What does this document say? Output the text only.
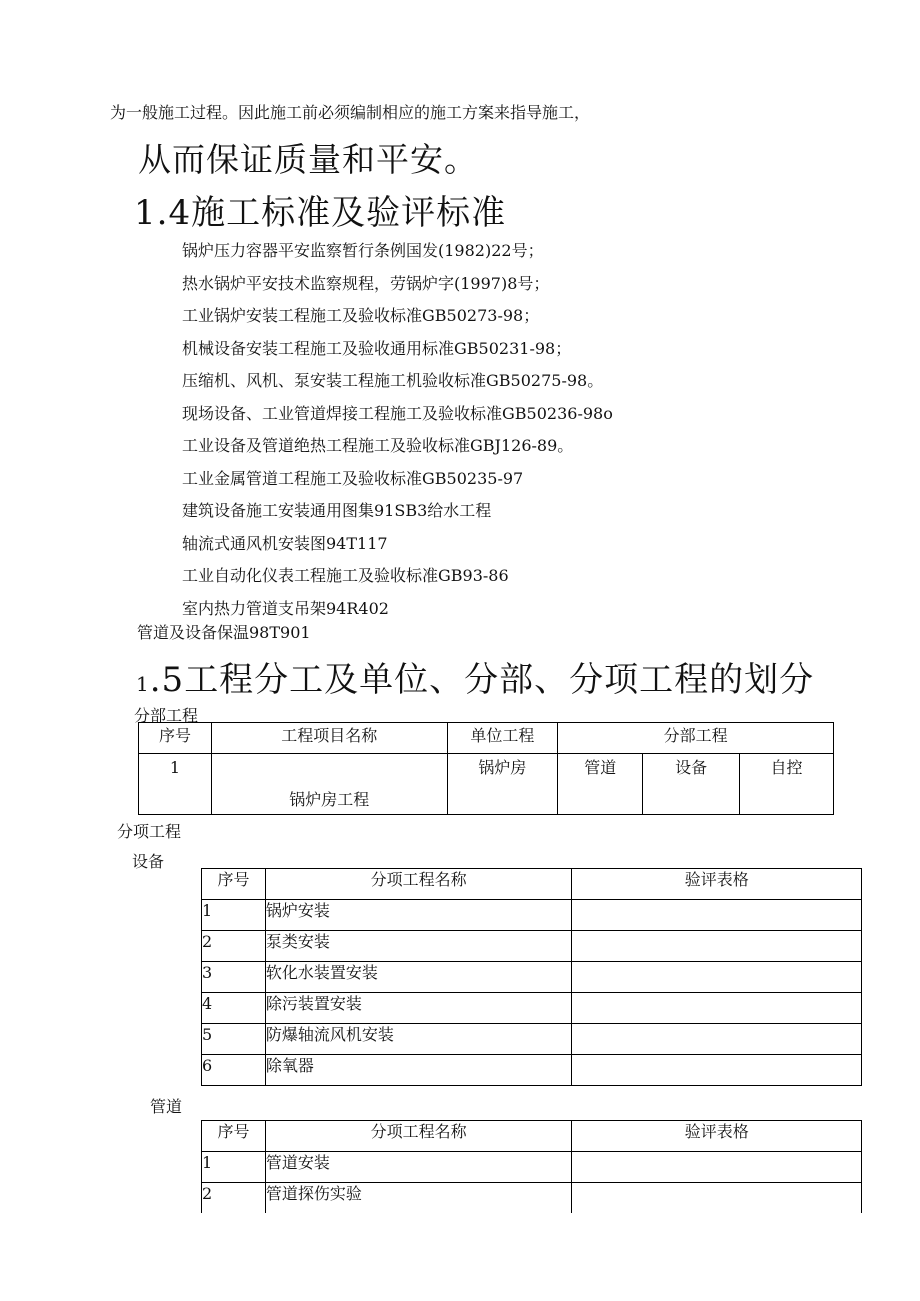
为一般施工过程。因此施工前必须编制相应的施工方案来指导施工，
从而保证质量和平安。
1.4施工标准及验评标准
锅炉压力容器平安监察暂行条例国发(1982)22号；
热水锅炉平安技术监察规程，劳锅炉字(1997)8号；
工业锅炉安装工程施工及验收标准GB50273-98；
机械设备安装工程施工及验收通用标准GB50231-98；
压缩机、风机、泵安装工程施工机验收标准GB50275-98。
现场设备、工业管道焊接工程施工及验收标准GB50236-98o
工业设备及管道绝热工程施工及验收标准GBJ126-89。
工业金属管道工程施工及验收标准GB50235-97
建筑设备施工安装通用图集91SB3给水工程
轴流式通风机安装图94T117
工业自动化仪表工程施工及验收标准GB93-86
室内热力管道支吊架94R402
管道及设备保温98T901
1.5工程分工及单位、分部、分项工程的划分
分部工程
序号	工程项目名称	单位工程	分部工程		
1	锅炉房工程	锅炉房	管道	设备	自控
分项工程
设备
序号	分项工程名称	验评表格
1	锅炉安装	
2	泵类安装	
3	软化水装置安装	
4	除污装置安装	
5	防爆轴流风机安装	
6	除氧器	
管道
序号	分项工程名称	验评表格
1	管道安装	
2	管道探伤实验	
